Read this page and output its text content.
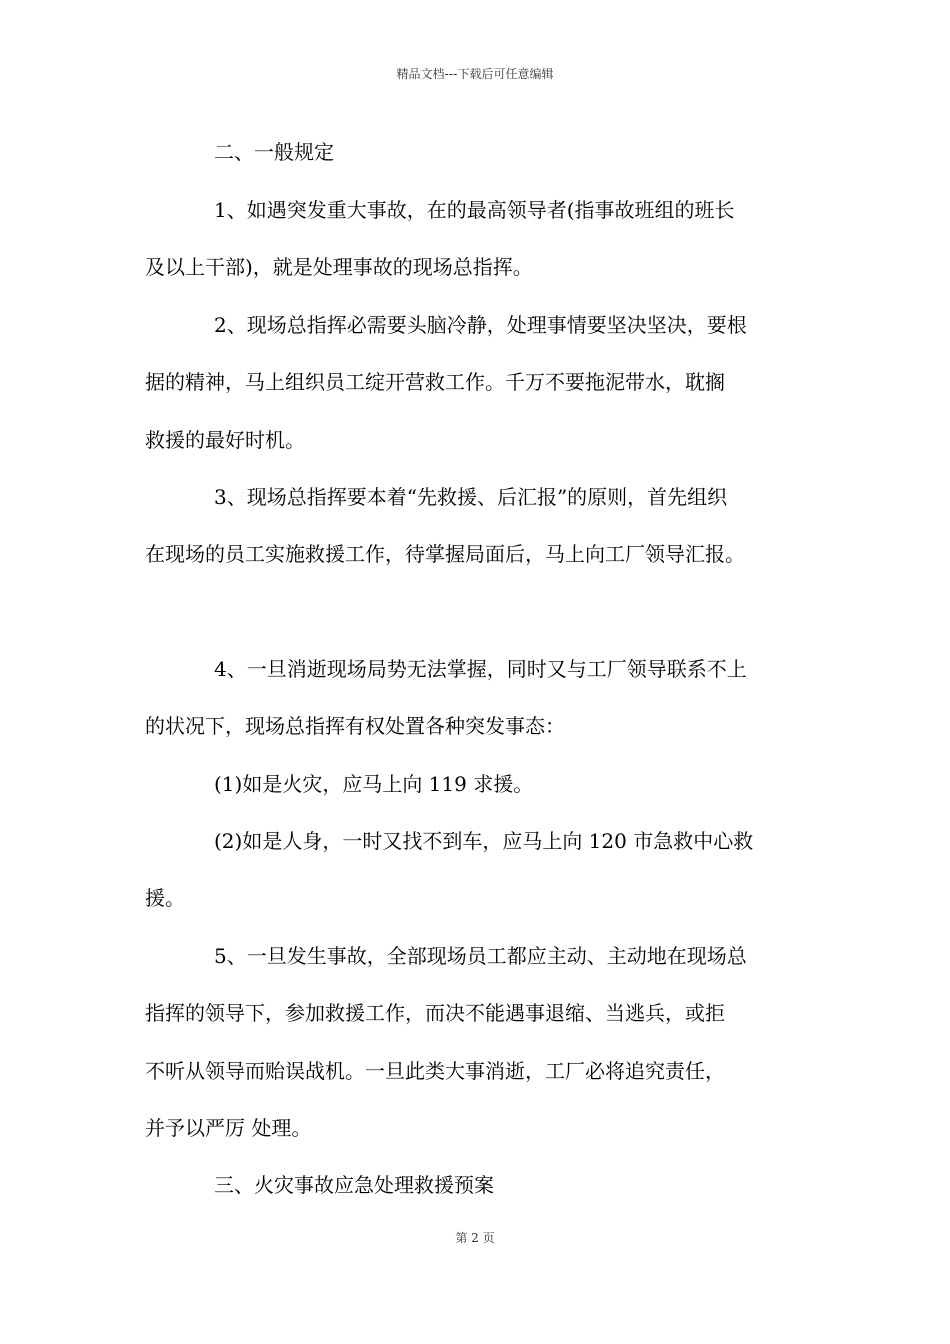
精品文档---下载后可任意编辑
二、一般规定
1、如遇突发重大事故，在的最高领导者(指事故班组的班长
及以上干部)，就是处理事故的现场总指挥。
2、现场总指挥必需要头脑冷静，处理事情要坚决坚决，要根
据的精神，马上组织员工绽开营救工作。千万不要拖泥带水，耽搁
救援的最好时机。
3、现场总指挥要本着“先救援、后汇报”的原则，首先组织
在现场的员工实施救援工作，待掌握局面后，马上向工厂领导汇报。
4、一旦消逝现场局势无法掌握，同时又与工厂领导联系不上
的状况下，现场总指挥有权处置各种突发事态：
(1)如是火灾，应马上向 119 求援。
(2)如是人身，一时又找不到车，应马上向 120 市急救中心救
援。
5、一旦发生事故，全部现场员工都应主动、主动地在现场总
指挥的领导下，参加救援工作，而决不能遇事退缩、当逃兵，或拒
不听从领导而贻误战机。一旦此类大事消逝，工厂必将追究责任，
并予以严厉 处理。
三、火灾事故应急处理救援预案
第 2 页
